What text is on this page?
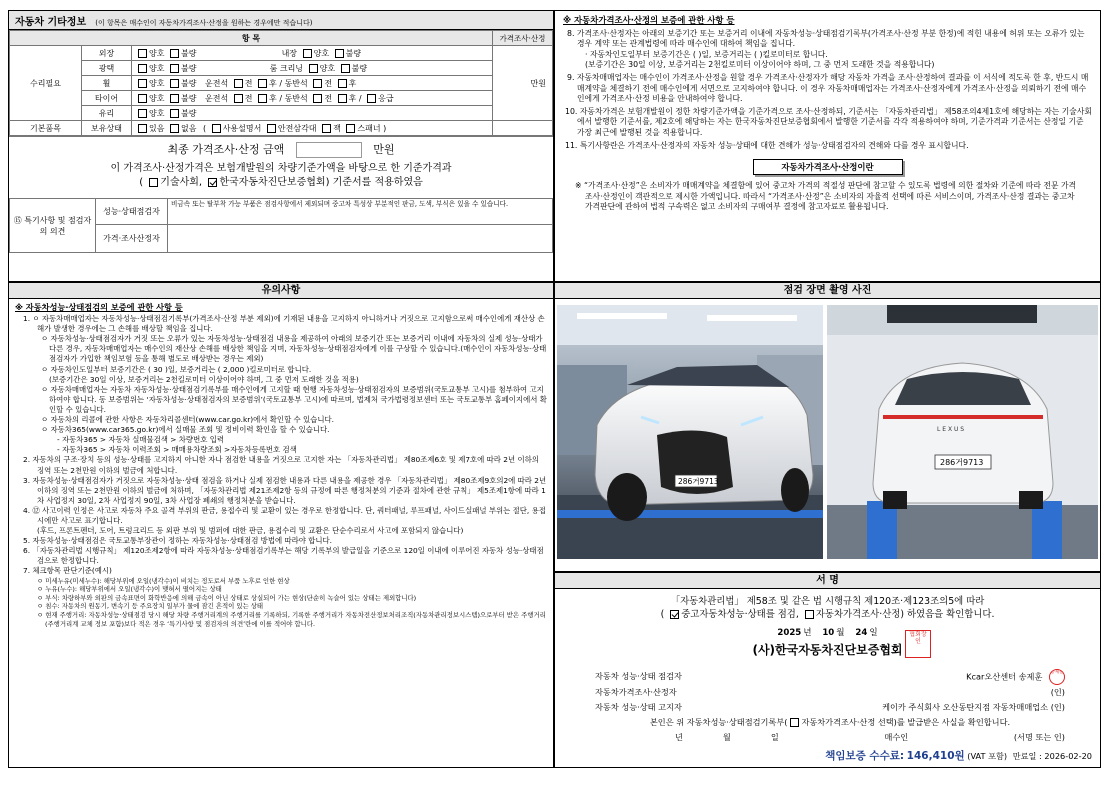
자동차 기타정보 (이 항목은 매수인이 자동차가격조사·산정을 원하는 경우에만 적습니다)
항 목			가격조사·산정
수리필요	외장	양호 불량 내장 양호 불량	만원
	광택	양호 불량 룸 크리닝 양호 불량	
	휠	양호 불량 운전석 전 후 / 동반석 전 후	
	타이어	양호 불량 운전석 전 후 / 동반석 전 후 / 응급	
	유리	양호 불량	
기본품목	보유상태	있음 없음 ( 사용설명서 안전삼각대 잭 스패너 )	
최종 가격조사·산정 금액	만원
이 가격조사·산정가격은 보험개발원의 차량기준가액을 바탕으로 한 기준가격과
( 기술사회, 한국자동차진단보증협회) 기준서를 적용하였음
⑮ 특기사항 및 점검자의 의견	성능·상태점검자	비금속 또는 탈부착 가능 부품은 점검사항에서 제외되며 중고차 특성상 부분적인 판금, 도색, 부식은 있을 수 있습니다.
	가격·조사산정자	
※ 자동차가격조사·산정의 보증에 관한 사항 등
8. 가격조사·산정자는 아래의 보증기간 또는 보증거리 이내에 자동차성능·상태점검기록부(가격조사·산정 부분 한정)에 적힌 내용에 허위 또는 오류가 있는 경우 계약 또는 관계법령에 따라 매수인에 대하여 책임을 집니다.
· 자동차인도일부터 보증기간은 ( )일, 보증거리는 ( )킬로미터로 합니다.
(보증기간은 30일 이상, 보증거리는 2천킬로미터 이상이어야 하며, 그 중 먼저 도래한 것을 적용합니다)
9. 자동차매매업자는 매수인이 가격조사·산정을 원할 경우 가격조사·산정자가 해당 자동차 가격을 조사·산정하여 결과를 이 서식에 적도록 한 후, 반드시 매매계약을 체결하기 전에 매수인에게 서면으로 고지하여야 합니다. 이 경우 자동차매매업자는 가격조사·산정자에게 가격조사·산정을 의뢰하기 전에 매수인에게 가격조사·산정 비용을 안내하여야 합니다.
10. 자동차가격은 보험개발원이 정한 차량기준가액을 기준가격으로 조사·산정하되, 기준서는 「자동차관리법」 제58조의4제1호에 해당하는 자는 기술사회에서 발행한 기준서를, 제2호에 해당하는 자는 한국자동차진단보증협회에서 발행한 기준서를 각각 적용하여야 하며, 기준가격과 기준서는 산정일 기준 가장 최근에 발행된 것을 적용합니다.
11. 특기사항란은 가격조사·산정자의 자동차 성능·상태에 대한 견해가 성능·상태점검자의 견해와 다를 경우 표시합니다.
자동차가격조사·산정이란
※ “가격조사·산정”은 소비자가 매매계약을 체결함에 있어 중고차 가격의 적절성 판단에 참고할 수 있도록 법령에 의한 절차와 기준에 따라 전문 가격조사·산정인이 객관적으로 제시한 가액입니다. 따라서 “가격조사·산정”은 소비자의 자율적 선택에 따른 서비스이며, 가격조사·산정 결과는 중고차 가격판단에 관하여 법적 구속력은 없고 소비자의 구매여부 결정에 참고자료로 활용됩니다.
유의사항
※ 자동차성능·상태점검의 보증에 관한 사항 등
1. ㅇ 자동차매매업자는 자동차성능·상태점검기록부(가격조사·산정 부분 제외)에 기재된 내용을 고지하지 아니하거나 거짓으로 고지함으로써 매수인에게 재산상 손해가 발생한 경우에는 그 손해를 배상할 책임을 집니다.
ㅇ 자동차성능·상태점검자가 거짓 또는 오류가 있는 자동차성능·상태점검 내용을 제공하여 아래의 보증기간 또는 보증거리 이내에 자동차의 실제 성능·상태가 다른 경우, 자동차매매업자는 매수인의 재산상 손해를 배상한 책임을 지며, 자동차성능·상태점검자에게 이를 구상할 수 있습니다.(매수인이 자동차성능·상태점검자가 가입한 책임보험 등을 통해 별도로 배상받는 경우는 제외)
ㅇ 자동차인도일부터 보증기간은 ( 30 )일, 보증거리는 ( 2,000 )킬로미터로 합니다.
(보증기간은 30일 이상, 보증거리는 2천킬로미터 이상이어야 하며, 그 중 먼저 도래한 것을 적용)
ㅇ 자동차매매업자는 자동차 자동차성능·상태점검기록부를 매수인에게 고지할 때 현행 자동차성능·상태점검자의 보증범위(국토교통부 고시)를 첨부하여 고지하여야 합니다. 동 보증범위는 ‘자동차성능·상태점검자의 보증범위’(국토교통부 고시)에 따르며, 법제처 국가법령정보센터 또는 국토교통부 홈페이지에서 확인할 수 있습니다.
ㅇ 자동차의 리콜에 관한 사항은 자동차리콜센터(www.car.go.kr)에서 확인할 수 있습니다.
ㅇ 자동차365(www.car365.go.kr)에서 실매물 조회 및 정비이력 확인을 할 수 있습니다.
- 자동차365 > 자동차 실매물검색 > 차량번호 입력
- 자동차365 > 자동차 이력조회 > 매매용차량조회 >자동차등록번호 검색
2. 자동차의 구조·장치 등의 성능·상태를 고지하지 아니한 자나 점검한 내용을 거짓으로 고지한 자는 「자동차관리법」 제80조제6호 및 제7호에 따라 2년 이하의 징역 또는 2천만원 이하의 벌금에 처합니다.
3. 자동차성능·상태점검자가 거짓으로 자동차성능·상태 점검을 하거나 실제 점검한 내용과 다른 내용을 제공한 경우 「자동차관리법」 제80조제9호의2에 따라 2년 이하의 징역 또는 2천만원 이하의 벌금에 처하며, 「자동차관리법 제21조제2항 등의 규정에 따른 행정처분의 기준과 절차에 관한 규칙」 제5조제1항에 따라 1차 사업정지 30일, 2차 사업정지 90일, 3차 사업장 폐쇄의 행정처분을 받습니다.
4. ⑫ 사고이력 인정은 사고로 자동차 주요 골격 부위의 판금, 용접수리 및 교환이 있는 경우로 한정합니다. 단, 쿼터패널, 루프패널, 사이드실패널 부위는 절단, 용접 시에만 사고로 표기합니다.
(후드, 프론트펜더, 도어, 트렁크리드 등 외판 부위 및 범퍼에 대한 판금, 용접수리 및 교환은 단순수리로서 사고에 포함되지 않습니다)
5. 자동차성능·상태점검은 국토교통부장관이 정하는 자동차성능·상태점검 방법에 따라야 합니다.
6. 「자동차관리법 시행규칙」 제120조제2항에 따라 자동차성능·상태점검기록부는 해당 기록부의 발급일을 기준으로 120일 이내에 이루어진 자동차 성능·상태점검으로 한정합니다.
7. 체크항목 판단기준(예시)
ㅇ 미세누유(미세누수): 해당부위에 오일(냉각수)이 비치는 정도로서 부품 노후로 인한 현상
ㅇ 누유(누수): 해당부위에서 오일(냉각수)이 맺혀서 떨어지는 상태
ㅇ 부식: 차량하부와 외판의 금속표면이 화학반응에 의해 금속이 아닌 상태로 상실되어 가는 현상(단순히 녹슬어 있는 상태는 제외합니다)
ㅇ 침수: 자동차의 원동기, 변속기 등 주요장치 일부가 물에 잠긴 흔적이 있는 상태
ㅇ 현재 주행거리: 자동차성능·상태점검 당시 해당 차량 주행거리계의 주행거리를 기록하되, 기록한 주행거리가 자동차전산정보처리조직(자동차관리정보시스템)으로부터 받은 주행거리(주행거리계 교체 정보 포함)보다 적은 경우 ‘특기사항 및 점검자의 의견’란에 이를 적어야 합니다.
점검 장면 촬영 사진
286거9713
L E X U S
286거9713
서 명
「자동차관리법」 제58조 및 같은 법 시행규칙 제120조·제123조의5에 따라
( 중고자동차성능·상태를 점검, 자동차가격조사·산정) 하였음을 확인합니다.
2025 년 10 월 24 일
(사)한국자동차진단보증협회
협회장인
자동차 성능·상태 점검자	Kcar오산센터 송제훈 송제훈
자동차가격조사·산정자	(인)
자동차 성능·상태 고지자	케이카 주식회사 오산동탄지점 자동차매매업소 (인)
본인은 위 자동차성능·상태점검기록부( 자동차가격조사·산정 선택)를 발급받은 사실을 확인합니다.
년	월	일	매수인	(서명 또는 인)
책임보증 수수료: 146,410원 (VAT 포함) 만료일 : 2026-02-20
